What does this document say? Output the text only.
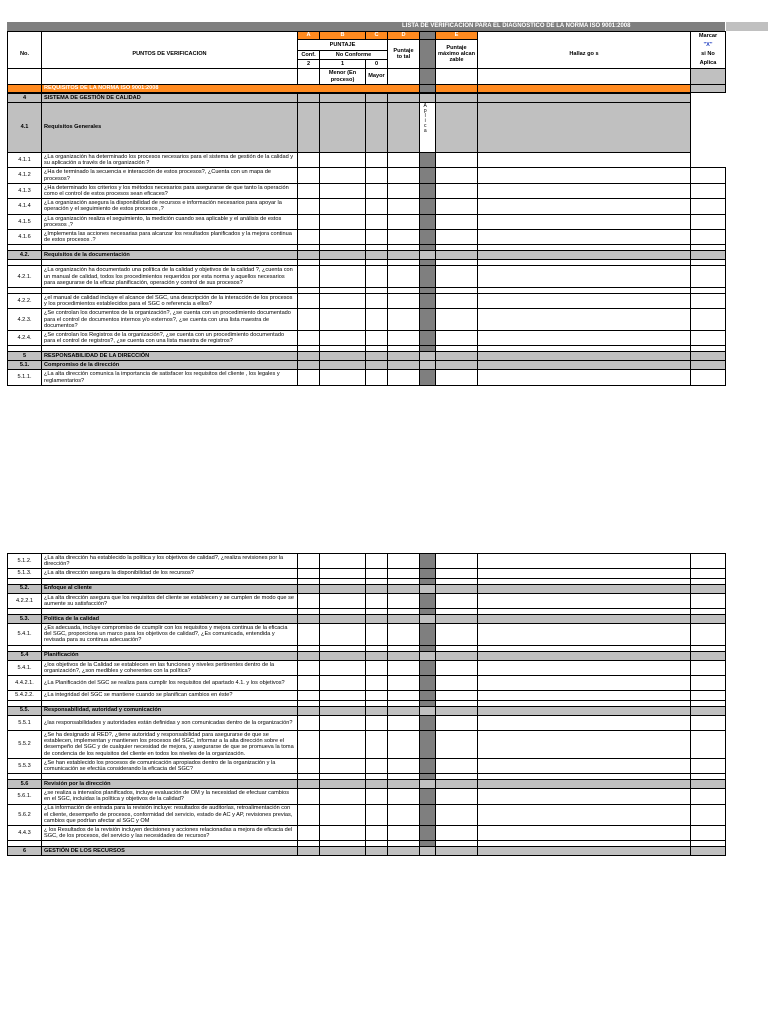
LISTA DE VERIFICACION PARA EL DIAGNÓSTICO DE LA NORMA ISO 9001:2008
		A	B	C	D		E		Marcar
"X"
si No
Aplica

No.	PUNTOS DE VERIFICACION	PUNTAJE			Puntaje to tal		Puntaje máximo alcan zable	Hallaz go s	
		Conf.	No Conforme						
		2	1	0					
			Menor (En proceso)	Mayor					
	REQUISITOS DE LA NORMA ISO 9001:2008								
4	SISTEMA DE GESTIÓN DE CALIDAD								
4.1	Requisitos Generales					Aplica			

4.1.1	¿La organización ha determinado los procesos necesarios para el sistema de gestión de la calidad y su aplicación a través de la organización ?								
4.1.2	¿Ha de terminado la secuencia e interacción de estos procesos?, ¿Cuenta con un mapa de procesos?								
4.1.3	¿Ha determinado los criterios y los métodos necesarios para asegurarse de que tanto la operación como el control de estos procesos sean eficaces?								
4.1.4	¿La organización asegura la disponibilidad de recursos e información necesarios para apoyar la operación y el seguimiento de estos procesos ,?								
4.1.5	¿La organización realiza el seguimiento, la medición cuando sea aplicable y el análisis de estos procesos ,?								
4.1.6	¿Implementa las acciones necesarias para alcanzar los resultados planificados y la mejora continua de estos procesos .?								

4.2.	Requisitos de la documentación								

4.2.1.	¿La organización ha documentado una política de la calidad y objetivos de la calidad ?, ¿cuenta con un manual de calidad, todos los procedimientos requeridos por esta norma y aquellos necesarios para asegurarse de la eficaz planificación, operación y control de sus procesos?								

4.2.2.	¿el manual de calidad incluye el alcance del SGC, una descripción de la interacción de los procesos y los procedimientos establecidos para el SGC o referencia a ellos?								
4.2.3.	¿Se controlan los documentos de la organización?, ¿se cuenta con un procedimiento documentado para el control de documentos internos y/o externos?, ¿se cuenta con una lista maestra de documentos?								
4.2.4.	¿Se controlan los Registros de la organización?, ¿se cuenta con un procedimiento documentado para el control de registros?, ¿se cuenta con una lista maestra de registros?								

5	RESPONSABILIDAD DE LA DIRECCIÓN								
5.1.	Compromiso de la dirección								
5.1.1.	¿La alta dirección comunica la importancia de satisfacer los requisitos del cliente , los legales y reglamentarios?								
5.1.2.	¿La alta dirección ha establecido la política y los objetivos de calidad?, ¿realiza revisiones por la dirección?								
5.1.3.	¿La alta dirección asegura la disponibilidad de los recursos?								

5.2.	Enfoque al cliente								
4.2.2.1	¿La alta dirección asegura que los requisitos del cliente se establecen y se cumplen de modo que se aumente su satisfacción?								

5.3.	Política de la calidad								
5.4.1.	¿Es adecuada, incluye compromiso de ccumplir con los requisitos y mejora continua de la eficacia del SGC, proporciona un marco para los objetivos de calidad?, ¿Es comunicada, entendida y revisada para su continua adecuación?								

5.4	Planificación								
5.4.1.	¿los objetivos de la Calidad se establecen en las funciones y niveles pertinentes dentro de la organización?, ¿son medibles y coherentes con la política?								
4.4.2.1.	¿La Planificación del SGC se realiza para cumplir los requisitos del apartado 4.1. y los objetivos?								
5.4.2.2.	¿La integridad del SGC se mantiene cuando se planifican cambios en éste?								

5.5.	Responsabilidad, autoridad y comunicación								
5.5.1	¿las responsabilidades y autoridades están definidas y son comunicadas dentro de la organización?								
5.5.2	¿Se ha designado al RED?, ¿tiene autoridad y responsabilidad para asegurarse de que se establecen, implementan y mantienen los procesos del SGC, informar a la alta dirección sobre el desempeño del SGC y de cualquier necesidad de mejora, y asegurarse de que se promueva la toma de condencia de los requisitos del cliente en todos los niveles de la organización.								
5.5.3	¿Se han establecido los procesos de comunicación apropiados dentro de la organización y la comunicación se efectúa considerando la eficacia del SGC?								

5.6	Revisión por la dirección								
5.6.1.	¿se realiza a intervalos planificados, incluye evaluación de OM y la necesidad de efectuar cambios en el SGC, incluidas la política y objetivos de la calidad?								
5.6.2	¿La información de entrada para la revisión incluye: resultados de auditorías, retroalimentación con el cliente, desempeño de procesos, conformidad del servicio, estado de AC y AP, revisiones previas, cambios que podrían afectar al SGC y OM								
4.4.3	¿ los Resultados de la revisión incluyen decisiones y acciones relacionadas a mejora de eficacia del SGC, de los procesos, del servicio y las necesidades de recursos?								

6	GESTIÓN DE LOS RECURSOS								
